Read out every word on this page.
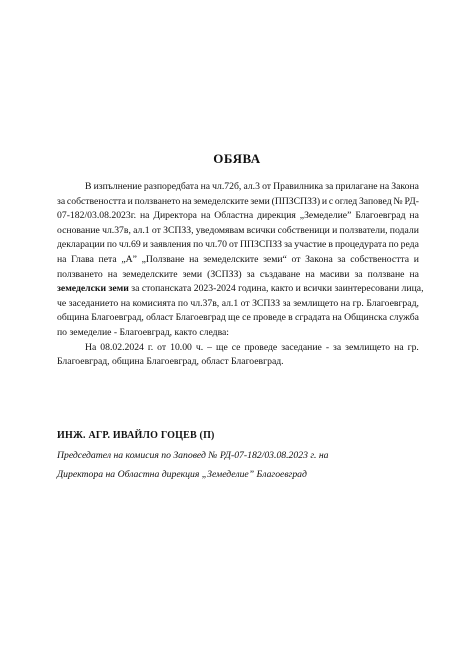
ОБЯВА
В изпълнение разпоредбата на чл.72б, ал.3 от Правилника за прилагане на Закона
за собствеността и ползването на земеделските земи (ППЗСПЗЗ) и с оглед Заповед № РД-
07-182/03.08.2023г. на Директора на Областна дирекция „Земеделие” Благоевград на
основание чл.37в, ал.1 от ЗСПЗЗ, уведомявам всички собственици и ползватели, подали
декларации по чл.69 и заявления по чл.70 от ППЗСПЗЗ за участие в процедурата по реда
на Глава пета „А” „Ползване на земеделските земи“ от Закона за собствеността и
ползването на земеделските земи (ЗСПЗЗ) за създаване на масиви за ползване на
земеделски земи за стопанската 2023-2024 година, както и всички заинтересовани лица,
че заседанието на комисията по чл.37в, ал.1 от ЗСПЗЗ за землището на гр. Благоевград,
община Благоевград, област Благоевград ще се проведе в сградата на Общинска служба
по земеделие - Благоевград, както следва:
На 08.02.2024 г. от 10.00 ч. – ще се проведе заседание - за землището на гр.
Благоевград, община Благоевград, област Благоевград.
ИНЖ. АГР. ИВАЙЛО ГОЦЕВ (П)
Председател на комисия по Заповед № РД-07-182/03.08.2023 г. на
Директора на Областна дирекция „Земеделие” Благоевград
